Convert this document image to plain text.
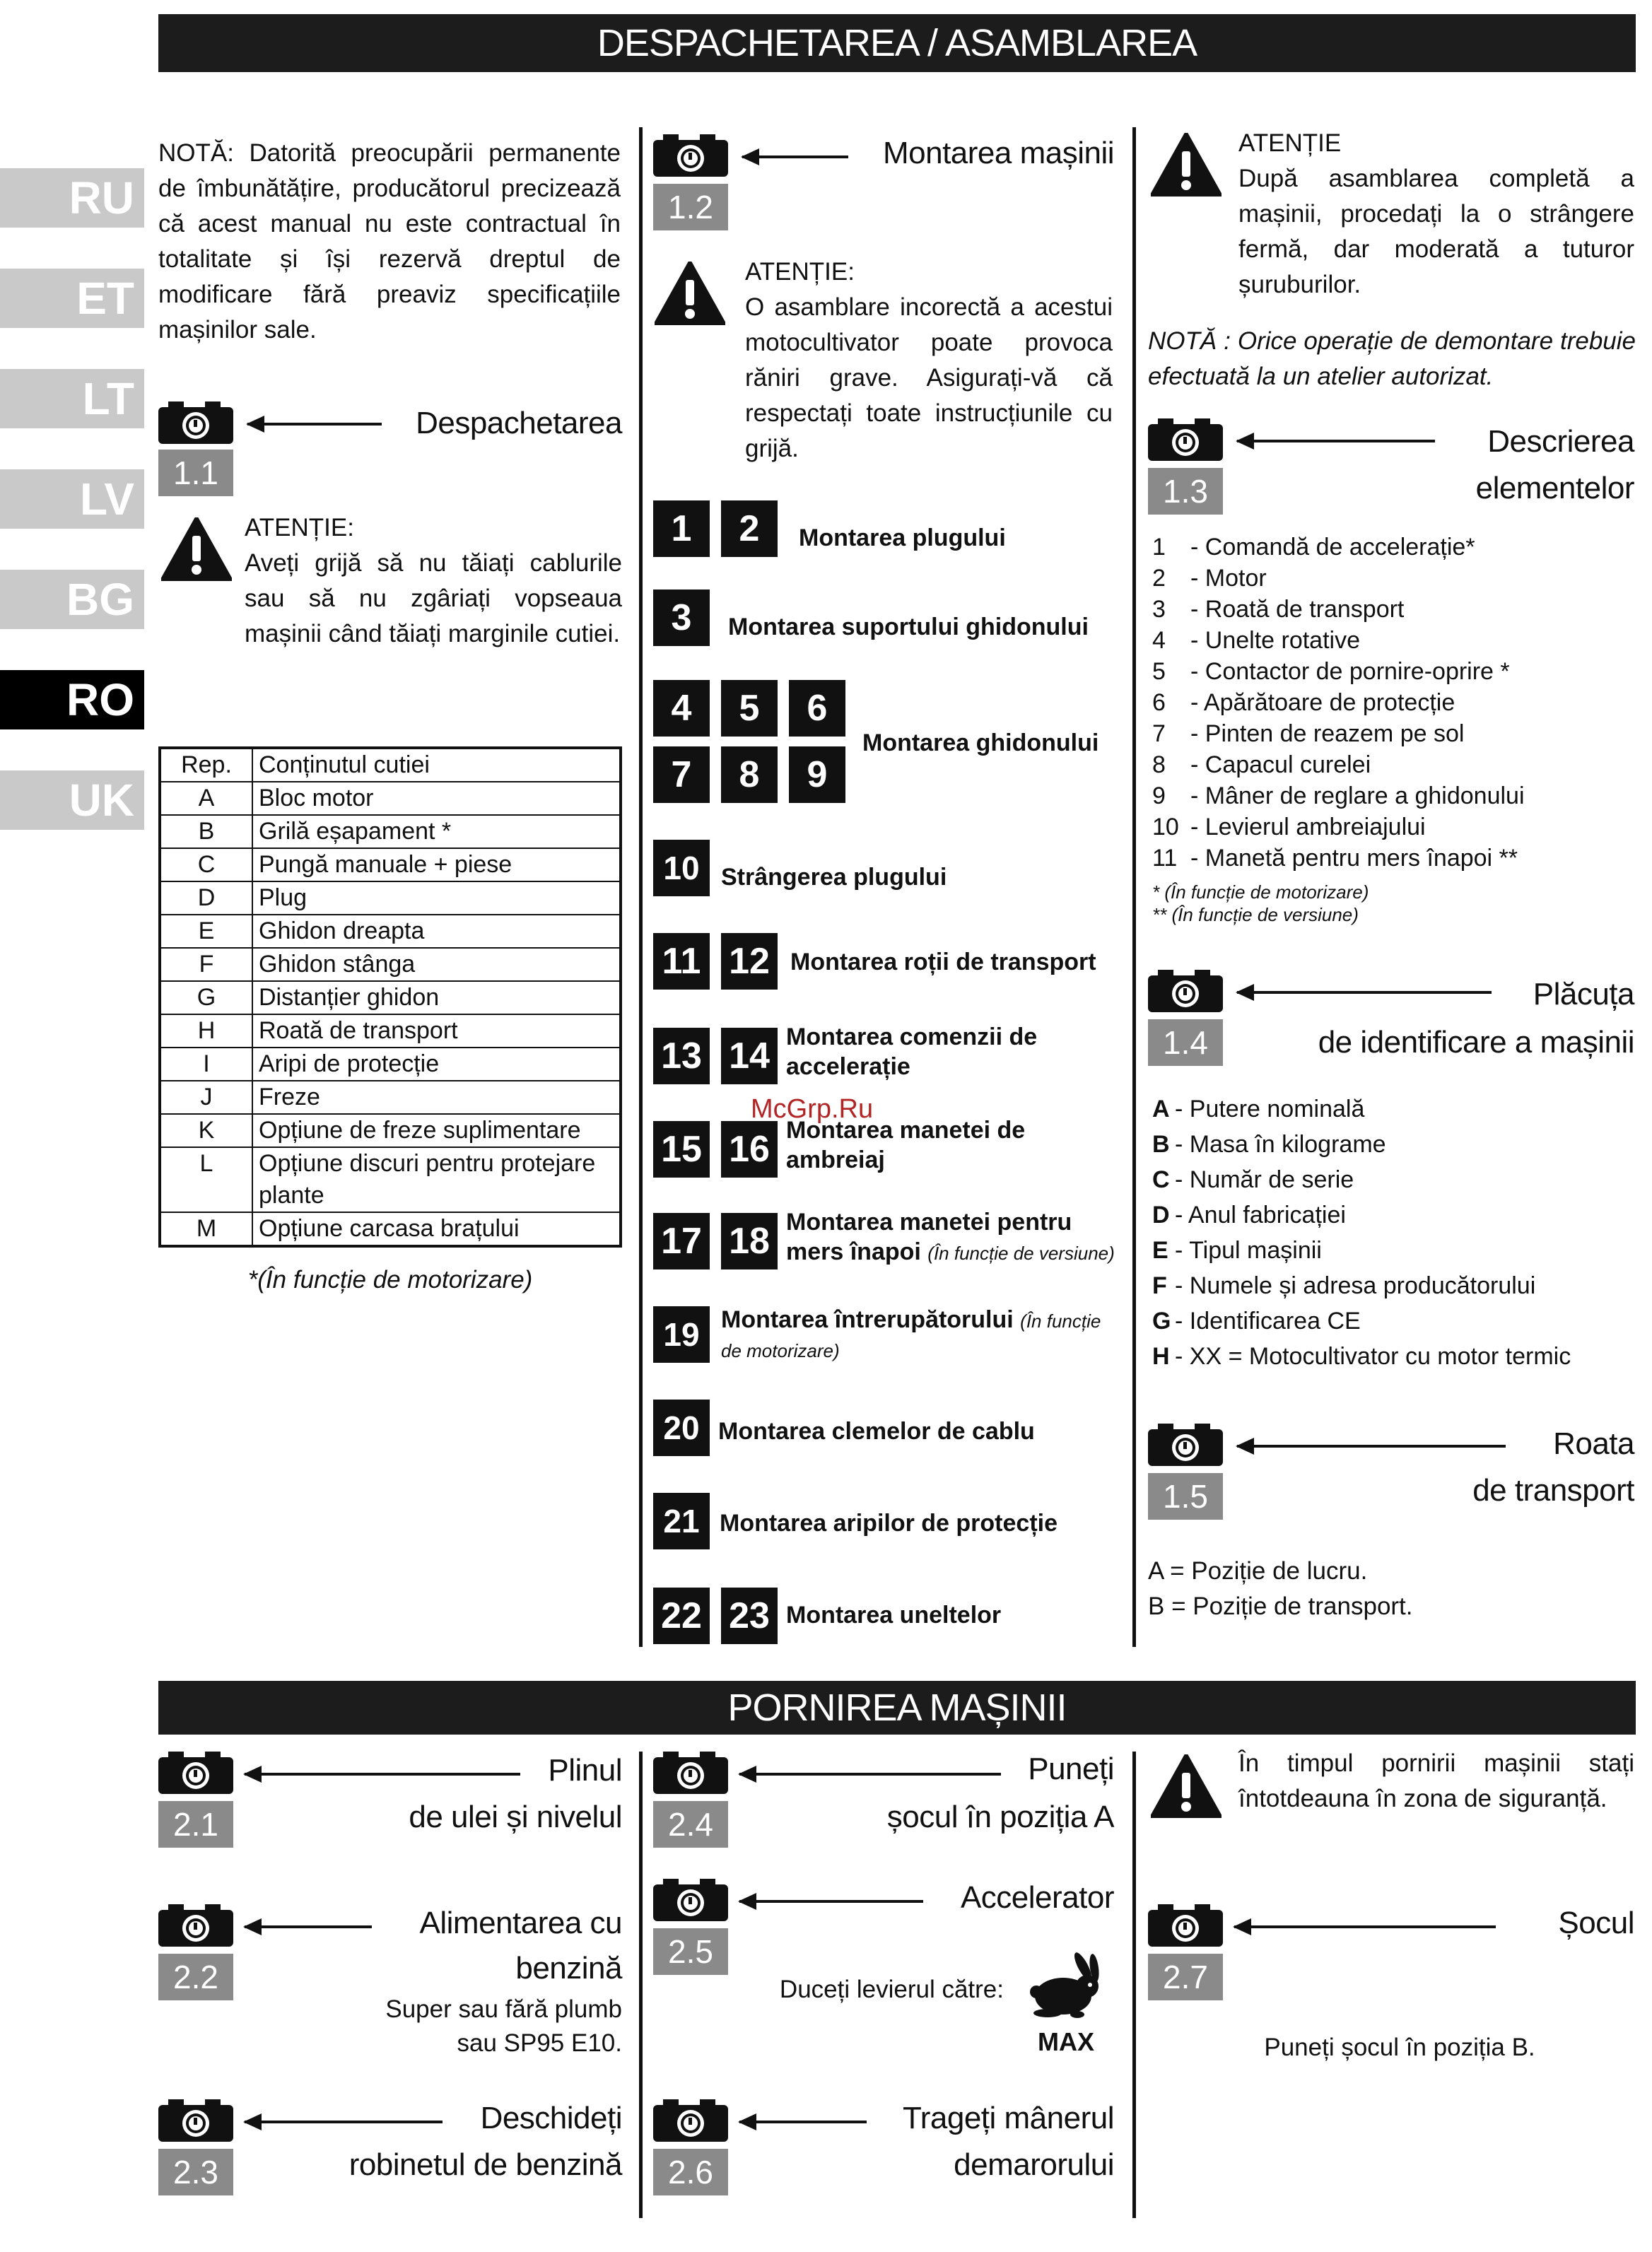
DESPACHETAREA / ASAMBLAREA
RU
ET
LT
LV
BG
RO
UK
NOTĂ: Datorită preocupării permanente de îmbunătățire, producătorul precizează că acest manual nu este contractual în totalitate și își rezervă dreptul de modificare fără preaviz specificațiile mașinilor sale.
1.1
Despachetarea
ATENȚIE:
Aveți grijă să nu tăiați cablurile sau să nu zgâriați vopseaua mașinii când tăiați marginile cutiei.
Rep.	Conținutul cutiei
A	Bloc motor
B	Grilă eșapament *
C	Pungă manuale + piese
D	Plug
E	Ghidon dreapta
F	Ghidon stânga
G	Distanțier ghidon
H	Roată de transport
I	Aripi de protecție
J	Freze
K	Opțiune de freze suplimentare
L	Opțiune discuri pentru protejare plante
M	Opțiune carcasa brațului
*(În funcție de motorizare)
1.2
Montarea mașinii
ATENȚIE:
O asamblare incorectă a acestui motocultivator poate provoca răniri grave. Asigurați-vă că respectați toate instrucțiunile cu grijă.
1	2	Montarea plugului
3	Montarea suportului ghidonului
4	5	6
7	8	9
Montarea ghidonului
10 Strângerea plugului
11 12 Montarea roții de transport
13 14 Montarea comenzii de accelerație
15 16 Montarea manetei de ambreiaj
17 18 Montarea manetei pentru mers înapoi (În funcție de versiune)
19 Montarea întrerupătorului (În funcție de motorizare)
20 Montarea clemelor de cablu
21 Montarea aripilor de protecție
22 23 Montarea uneltelor
McGrp.Ru
ATENȚIE
După asamblarea completă a mașinii, procedați la o strângere fermă, dar moderată a tuturor șuruburilor.
NOTĂ : Orice operație de demontare trebuie efectuată la un atelier autorizat.
1.3
Descrierea
elementelor
1 - Comandă de accelerație*
2 - Motor
3 - Roată de transport
4 - Unelte rotative
5 - Contactor de pornire-oprire *
6 - Apărătoare de protecție
7 - Pinten de reazem pe sol
8 - Capacul curelei
9 - Mâner de reglare a ghidonului
10 - Levierul ambreiajului
11 - Manetă pentru mers înapoi **
* (În funcție de motorizare)
** (În funcție de versiune)
1.4
Plăcuța
de identificare a mașinii
A - Putere nominală
B - Masa în kilograme
C - Număr de serie
D - Anul fabricației
E - Tipul mașinii
F - Numele și adresa producătorului
G - Identificarea CE
H - XX = Motocultivator cu motor termic
1.5
Roata
de transport
A = Poziție de lucru.
B = Poziție de transport.
PORNIREA MAȘINII
2.1
Plinul
de ulei și nivelul
2.2
Alimentarea cu
benzină
Super sau fără plumb
sau SP95 E10.
2.3
Deschideți
robinetul de benzină
2.4
Puneți
șocul în poziția A
2.5
Accelerator
Duceți levierul către:
MAX
2.6
Trageți mânerul
demarorului
În timpul pornirii mașinii stați întotdeauna în zona de siguranță.
2.7
Șocul
Puneți șocul în poziția B.
